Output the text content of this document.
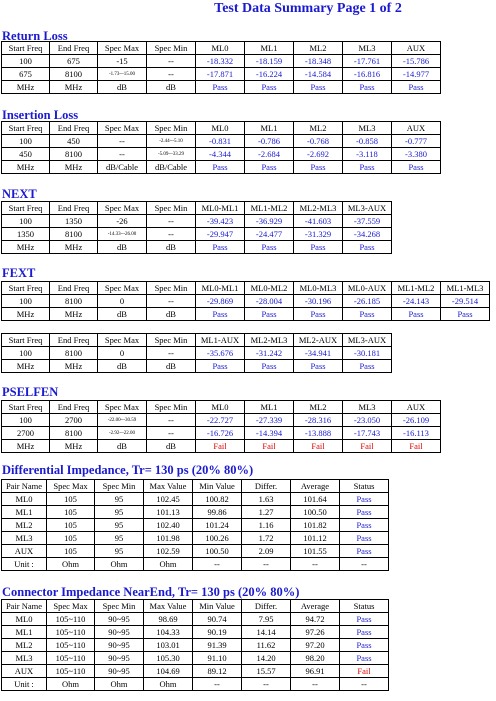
Test Data Summary Page 1 of 2
Return Loss
Start Freq	End Freq	Spec Max	Spec Min	ML0	ML1	ML2	ML3	AUX
100	675	-15	--	-18.332	-18.159	-18.348	-17.761	-15.786
675	8100	-1.73~-15.00	--	-17.871	-16.224	-14.584	-16.816	-14.977
MHz	MHz	dB	dB	Pass	Pass	Pass	Pass	Pass
Insertion Loss
Start Freq	End Freq	Spec Max	Spec Min	ML0	ML1	ML2	ML3	AUX
100	450	--	-2.44~-5.10	-0.831	-0.786	-0.768	-0.858	-0.777
450	8100	--	-5.09~-33.29	-4.344	-2.684	-2.692	-3.118	-3.380
MHz	MHz	dB/Cable	dB/Cable	Pass	Pass	Pass	Pass	Pass
NEXT
Start Freq	End Freq	Spec Max	Spec Min	ML0-ML1	ML1-ML2	ML2-ML3	ML3-AUX
100	1350	-26	--	-39.423	-36.929	-41.603	-37.559
1350	8100	-14.33~-26.00	--	-29.947	-24.477	-31.329	-34.268
MHz	MHz	dB	dB	Pass	Pass	Pass	Pass
FEXT
Start Freq	End Freq	Spec Max	Spec Min	ML0-ML1	ML0-ML2	ML0-ML3	ML0-AUX	ML1-ML2	ML1-ML3
100	8100	0	--	-29.869	-28.004	-30.196	-26.185	-24.143	-29.514
MHz	MHz	dB	dB	Pass	Pass	Pass	Pass	Pass	Pass
Start Freq	End Freq	Spec Max	Spec Min	ML1-AUX	ML2-ML3	ML2-AUX	ML3-AUX
100	8100	0	--	-35.676	-31.242	-34.941	-30.181
MHz	MHz	dB	dB	Pass	Pass	Pass	Pass
PSELFEN
Start Freq	End Freq	Spec Max	Spec Min	ML0	ML1	ML2	ML3	AUX
100	2700	-22.00~-30.59	--	-22.727	-27.339	-28.316	-23.050	-26.109
2700	8100	-2.92~-22.00	--	-16.726	-14.394	-13.888	-17.743	-16.113
MHz	MHz	dB	dB	Fail	Fail	Fail	Fail	Fail
Differential Impedance, Tr= 130 ps (20% 80%)
Pair Name	Spec Max	Spec Min	Max Value	Min Value	Differ.	Average	Status
ML0	105	95	102.45	100.82	1.63	101.64	Pass
ML1	105	95	101.13	99.86	1.27	100.50	Pass
ML2	105	95	102.40	101.24	1.16	101.82	Pass
ML3	105	95	101.98	100.26	1.72	101.12	Pass
AUX	105	95	102.59	100.50	2.09	101.55	Pass
Unit :	Ohm	Ohm	Ohm	--	--	--	--
Connector Impedance NearEnd, Tr= 130 ps (20% 80%)
Pair Name	Spec Max	Spec Min	Max Value	Min Value	Differ.	Average	Status
ML0	105~110	90~95	98.69	90.74	7.95	94.72	Pass
ML1	105~110	90~95	104.33	90.19	14.14	97.26	Pass
ML2	105~110	90~95	103.01	91.39	11.62	97.20	Pass
ML3	105~110	90~95	105.30	91.10	14.20	98.20	Pass
AUX	105~110	90~95	104.69	89.12	15.57	96.91	Fail
Unit :	Ohm	Ohm	Ohm	--	--	--	--
